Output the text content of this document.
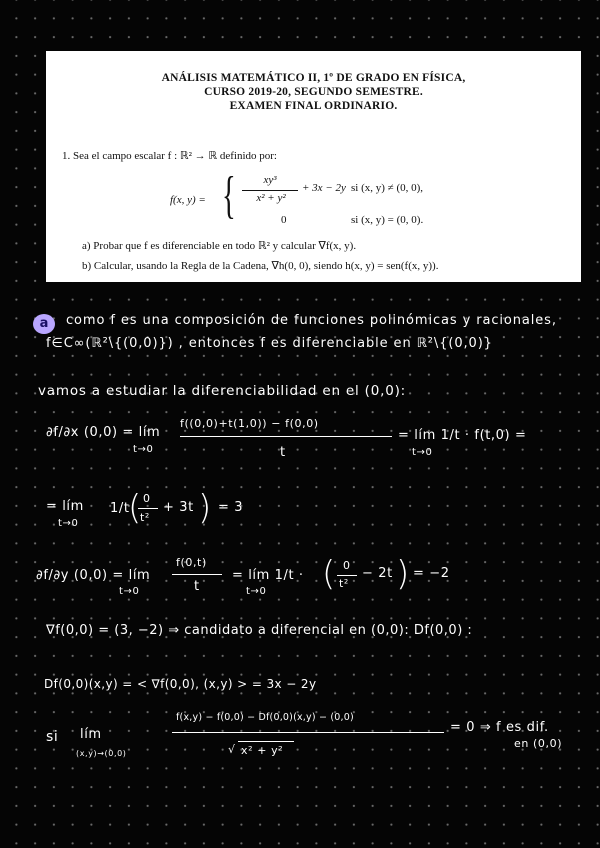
ANÁLISIS MATEMÁTICO II, 1º DE GRADO EN FÍSICA,
CURSO 2019-20, SEGUNDO SEMESTRE.
EXAMEN FINAL ORDINARIO.
1. Sea el campo escalar f : ℝ² → ℝ definido por:
f(x, y) = {	xy³
x² + y²
+ 3x − 2y si (x, y) ≠ (0, 0),
0	si (x, y) = (0, 0).
a) Probar que f es diferenciable en todo ℝ² y calcular ∇f(x, y).
b) Calcular, usando la Regla de la Cadena, ∇h(0, 0), siendo h(x, y) = sen(f(x, y)).
a	como f es una composición de funciones polinómicas y racionales,
f∈C∞(ℝ²\{(0,0)}) , entonces f es diferenciable en ℝ²\{(0,0)}
vamos a estudiar la diferenciabilidad en el (0,0):
∂f/∂x (0,0) = lím
t→0
f((0,0)+t(1,0)) − f(0,0)
t
= lím 1/t · f(t,0) =
t→0
= lím
t→0
1/t
( 0
t²
+ 3t ) = 3
∂f/∂y (0,0) = lím
t→0
f(0,t)
t
= lím 1/t ·
t→0 ( 0
t²
− 2t ) = −2
∇f(0,0) = (3, −2) ⇒ candidato a diferencial en (0,0): Df(0,0) :
Df(0,0)(x,y) = < ∇f(0,0), (x,y) > = 3x − 2y
si lím
(x,y)→(0,0)
f(x,y) − f(0,0) − Df(0,0)(x,y) − (0,0)
√ x² + y²
= 0 ⇒ f es dif.
en (0,0)
